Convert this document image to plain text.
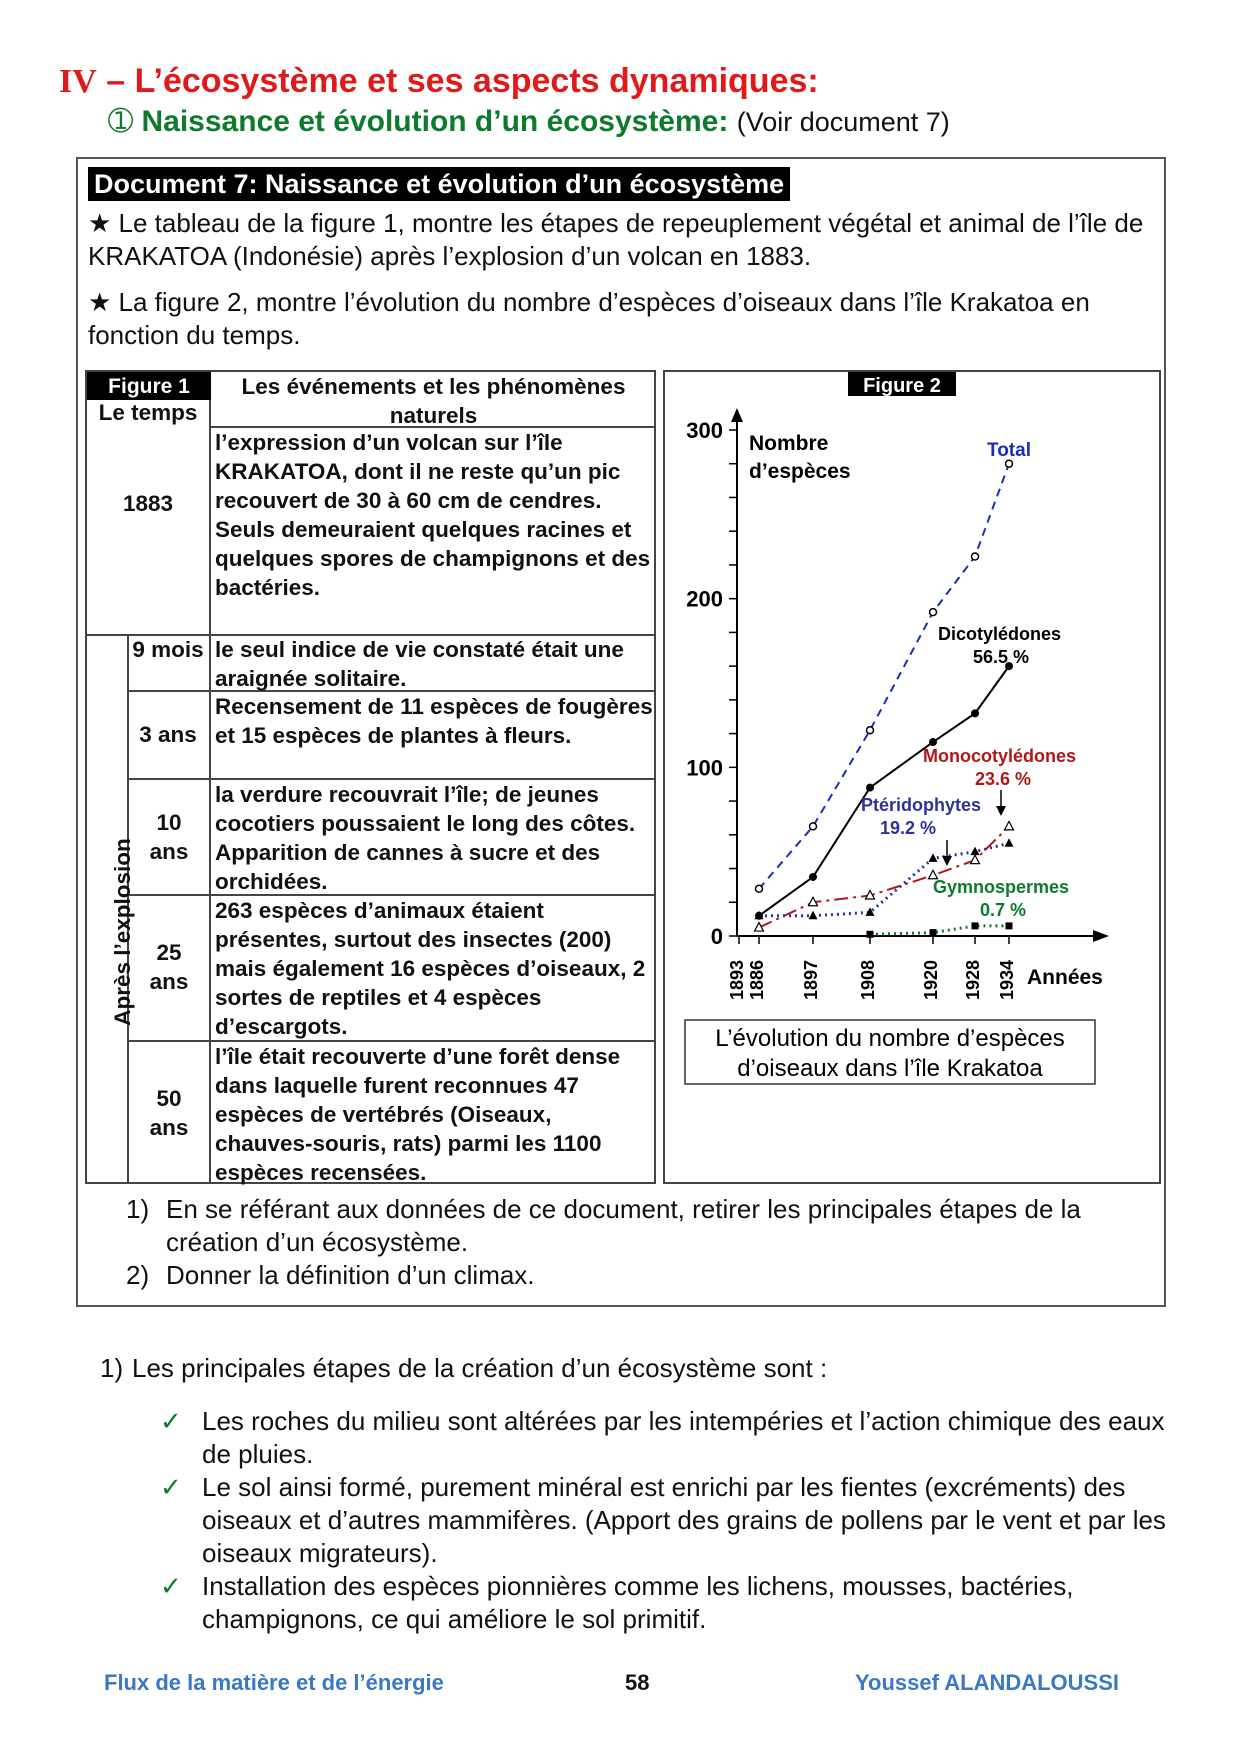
IV – L’écosystème et ses aspects dynamiques:
➀ Naissance et évolution d’un écosystème: (Voir document 7)
Document 7: Naissance et évolution d’un écosystème
★ Le tableau de la figure 1, montre les étapes de repeuplement végétal et animal de l’île de KRAKATOA (Indonésie) après l’explosion d’un volcan en 1883.
★ La figure 2, montre l’évolution du nombre d’espèces d’oiseaux dans l’île Krakatoa en fonction du temps.
Figure 1
Le temps
Les événements et les phénomènes naturels
Après l’explosion
1883
l’expression d’un volcan sur l’île KRAKATOA, dont il ne reste qu’un pic recouvert de 30 à 60 cm de cendres. Seuls demeuraient quelques racines et quelques spores de champignons et des bactéries.
9 mois le seul indice de vie constaté était une araignée solitaire.
3 ans
Recensement de 11 espèces de fougères et 15 espèces de plantes à fleurs.
10 ans
la verdure recouvrait l’île; de jeunes cocotiers poussaient le long des côtes. Apparition de cannes à sucre et des orchidées.
25 ans
263 espèces d’animaux étaient présentes, surtout des insectes (200) mais également 16 espèces d’oiseaux, 2 sortes de reptiles et 4 espèces d’escargots.
50 ans
l’île était recouverte d’une forêt dense dans laquelle furent reconnues 47 espèces de vertébrés (Oiseaux, chauves-souris, rats) parmi les 1100 espèces recensées.
Figure 2
0
100
200
300
Nombre
d’espèces
1893 1886 1897 1908 1920 1928 1934 Années
Total
Dicotylédones
56.5 %
Monocotylédones
23.6 %
Ptéridophytes
19.2 %
Gymnospermes
0.7 %
L’évolution du nombre d’espèces
d’oiseaux dans l’île Krakatoa
1) En se référant aux données de ce document, retirer les principales étapes de la création d’un écosystème.
2) Donner la définition d’un climax.
1) Les principales étapes de la création d’un écosystème sont :
✓ Les roches du milieu sont altérées par les intempéries et l’action chimique des eaux de pluies.
✓ Le sol ainsi formé, purement minéral est enrichi par les fientes (excréments) des oiseaux et d’autres mammifères. (Apport des grains de pollens par le vent et par les oiseaux migrateurs).
✓ Installation des espèces pionnières comme les lichens, mousses, bactéries, champignons, ce qui améliore le sol primitif.
Flux de la matière et de l’énergie	58	Youssef ALANDALOUSSI
